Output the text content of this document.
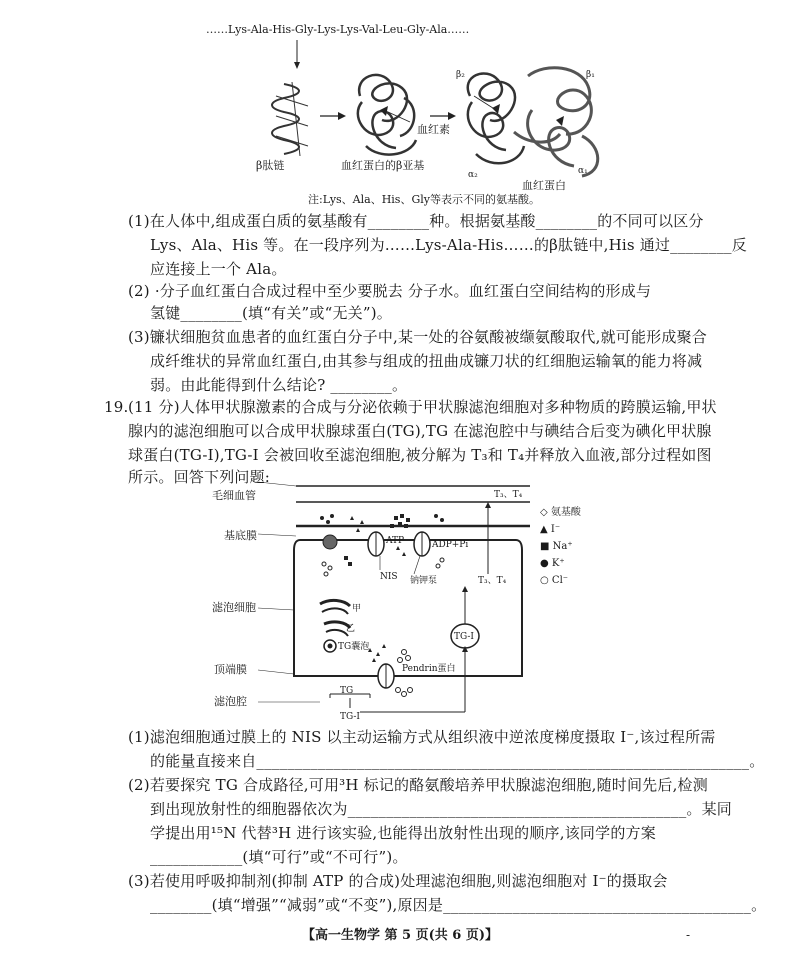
……Lys-Ala-His-Gly-Lys-Lys-Val-Leu-Gly-Ala……
β肽链	血红蛋白的β亚基
血红素
血红蛋白
β₂	β₁
α₂	α₁
注:Lys、Ala、His、Gly等表示不同的氨基酸。
(1)在人体中,组成蛋白质的氨基酸有________种。根据氨基酸________的不同可以区分
Lys、Ala、His 等。在一段序列为……Lys-Ala-His……的β肽链中,His 通过________反
应连接上一个 Ala。
(2) ·分子血红蛋白合成过程中至少要脱去 分子水。血红蛋白空间结构的形成与
氢键________(填“有关”或“无关”)。
(3)镰状细胞贫血患者的血红蛋白分子中,某一处的谷氨酸被缬氨酸取代,就可能形成聚合
成纤维状的异常血红蛋白,由其参与组成的扭曲成镰刀状的红细胞运输氧的能力将减
弱。由此能得到什么结论? ________。
19. (11 分)人体甲状腺激素的合成与分泌依赖于甲状腺滤泡细胞对多种物质的跨膜运输,甲状
腺内的滤泡细胞可以合成甲状腺球蛋白(TG),TG 在滤泡腔中与碘结合后变为碘化甲状腺
球蛋白(TG-I),TG-I 会被回收至滤泡细胞,被分解为 T₃和 T₄并释放入血液,部分过程如图
所示。回答下列问题:
毛细血管
基底膜
滤泡细胞
顶端膜
滤泡腔
T₃、T₄
ATP	ADP+Pi
NIS 钠钾泵	T₃、T₄
甲
乙
TG囊泡
TG-I
Pendrin蛋白
TG
TG-I
◇ 氨基酸
▲ I⁻
■ Na⁺
● K⁺
○ Cl⁻
(1)滤泡细胞通过膜上的 NIS 以主动运输方式从组织液中逆浓度梯度摄取 I⁻,该过程所需
的能量直接来自________________________________________________________________。
(2)若要探究 TG 合成路径,可用³H 标记的酪氨酸培养甲状腺滤泡细胞,随时间先后,检测
到出现放射性的细胞器依次为____________________________________________。某同
学提出用¹⁵N 代替³H 进行该实验,也能得出放射性出现的顺序,该同学的方案
____________(填“可行”或“不可行”)。
(3)若使用呼吸抑制剂(抑制 ATP 的合成)处理滤泡细胞,则滤泡细胞对 I⁻的摄取会
________(填“增强”“减弱”或“不变”),原因是________________________________________。
【高一生物学 第 5 页(共 6 页)】	-
